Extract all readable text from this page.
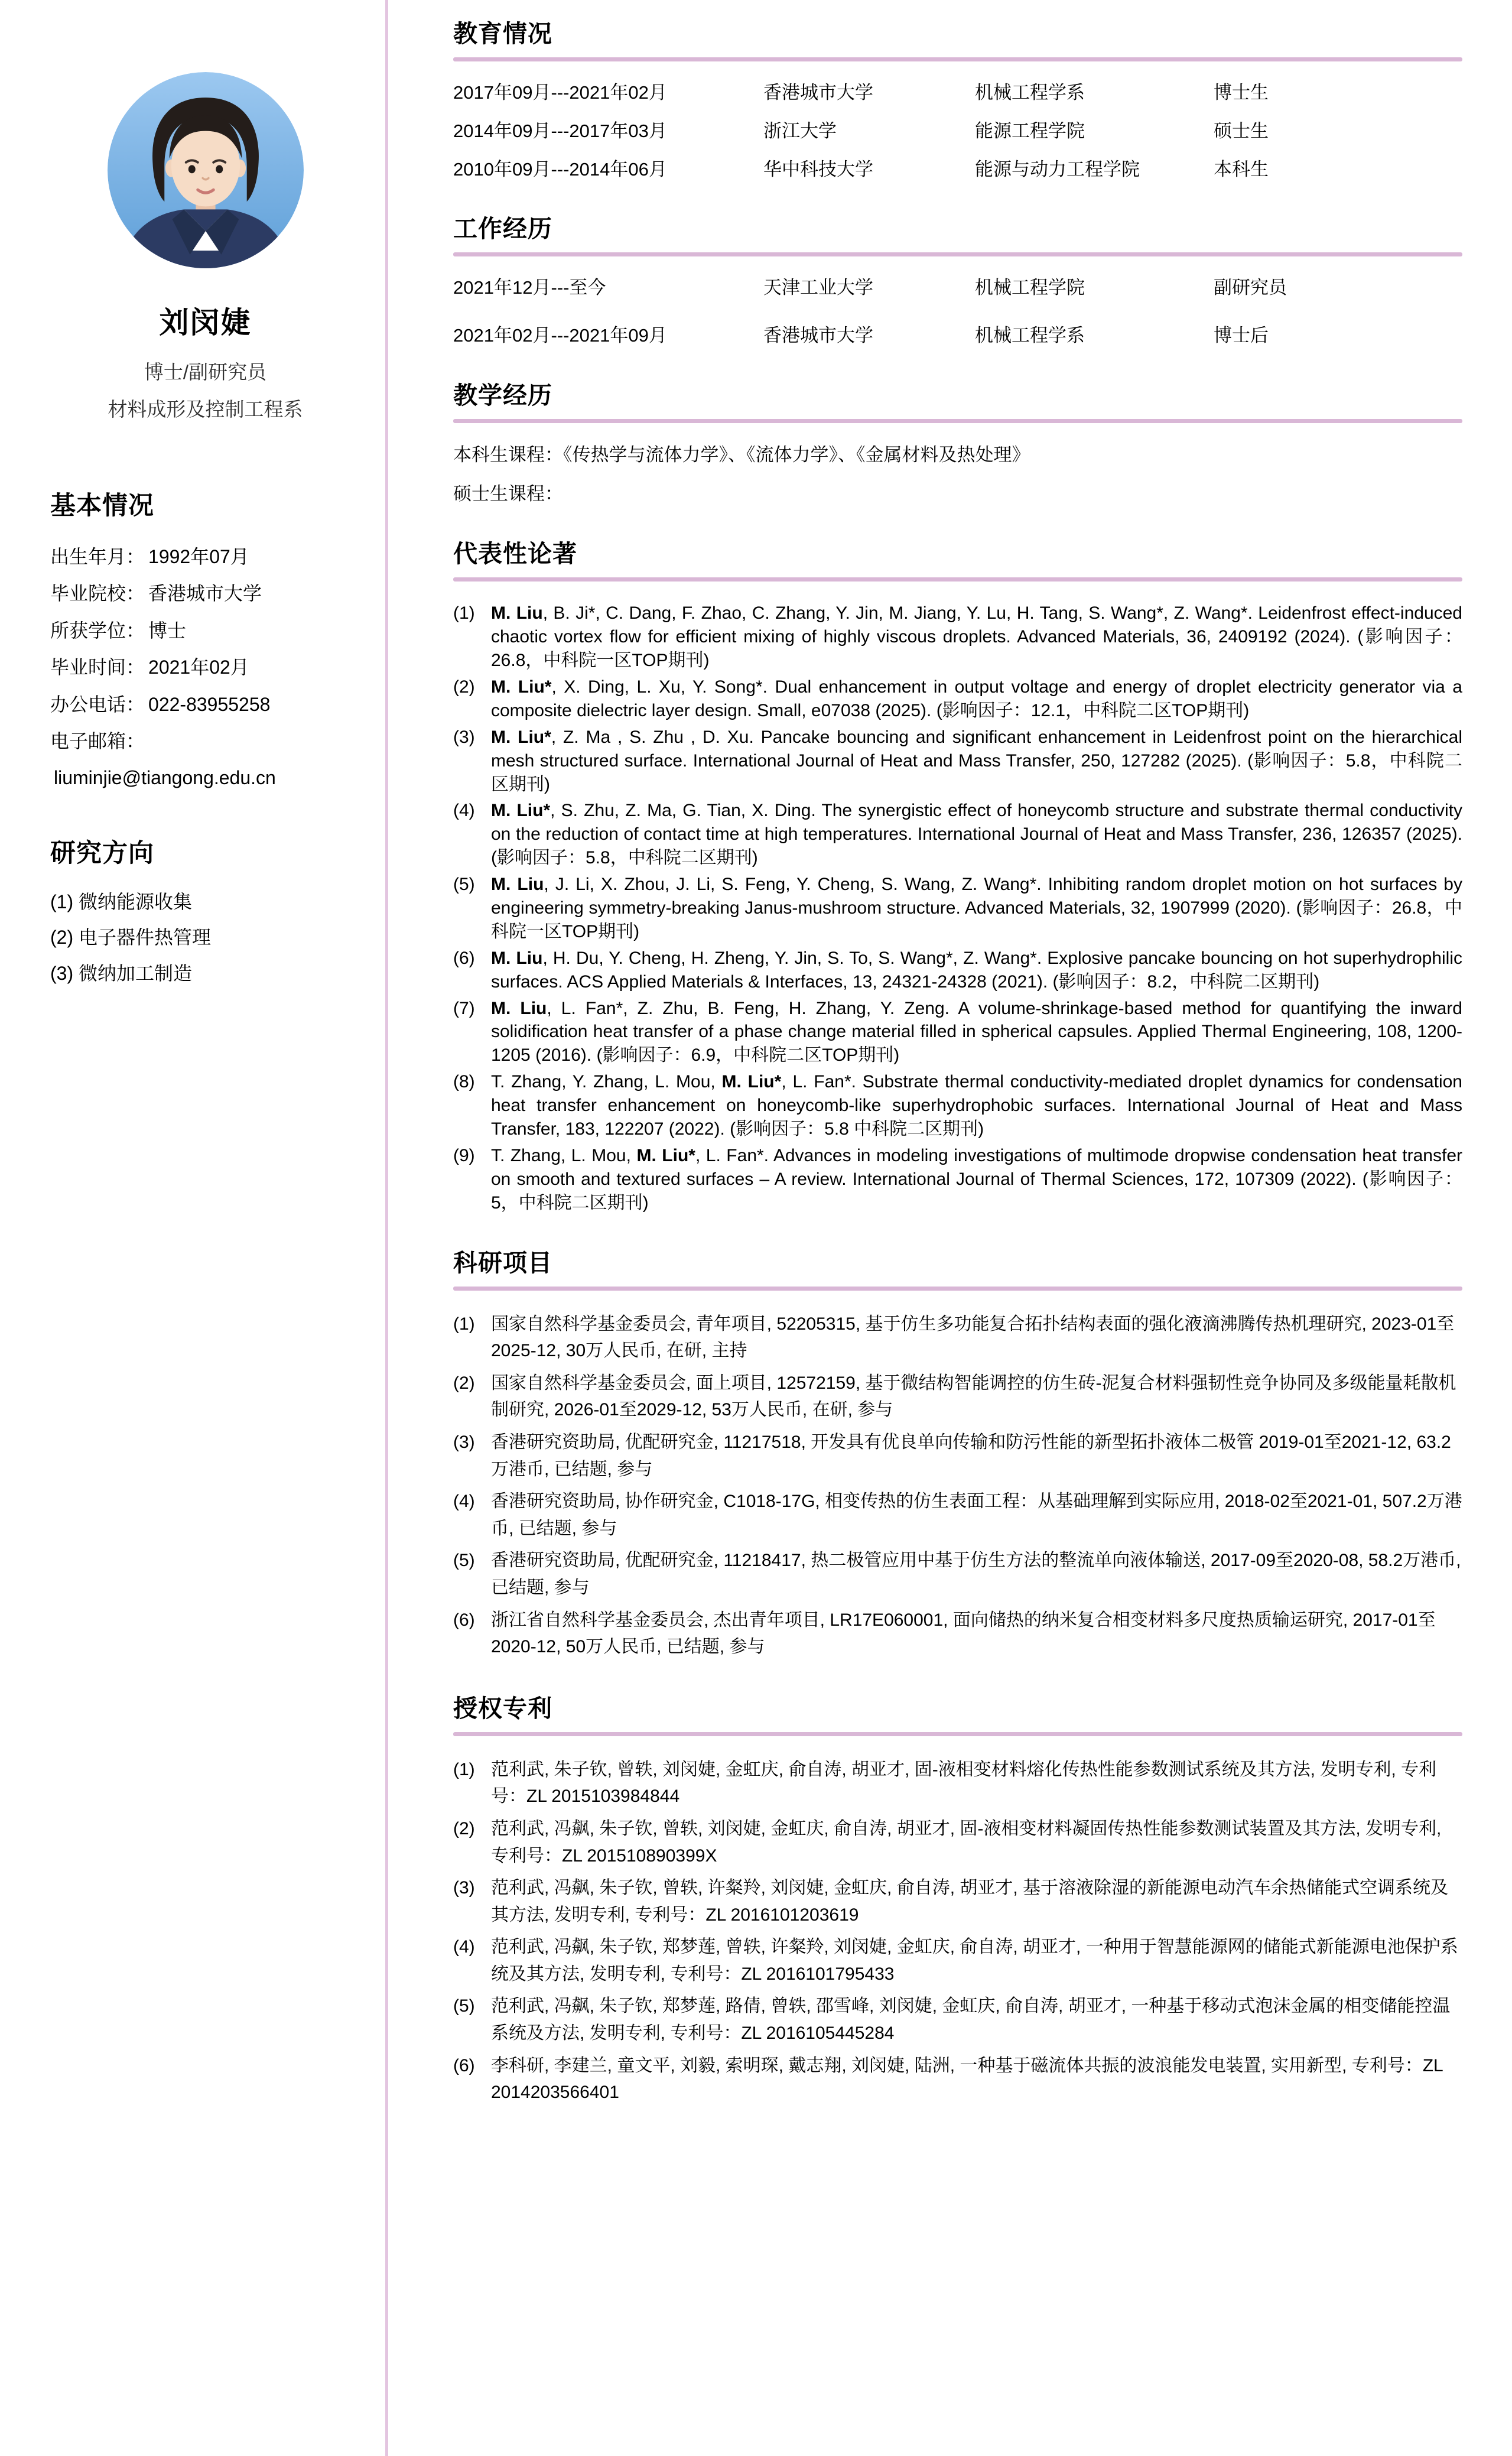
刘闵婕
博士/副研究员
材料成形及控制工程系
基本情况
出生年月： 1992年07月
毕业院校： 香港城市大学
所获学位： 博士
毕业时间： 2021年02月
办公电话： 022-83955258
电子邮箱：
liuminjie@tiangong.edu.cn
研究方向
(1) 微纳能源收集
(2) 电子器件热管理
(3) 微纳加工制造
教育情况
2017年09月---2021年02月	香港城市大学	机械工程学系	博士生
2014年09月---2017年03月	浙江大学	能源工程学院	硕士生
2010年09月---2014年06月	华中科技大学	能源与动力工程学院	本科生
工作经历
2021年12月---至今	天津工业大学	机械工程学院	副研究员
2021年02月---2021年09月	香港城市大学	机械工程学系	博士后
教学经历
本科生课程：《传热学与流体力学》、《流体力学》、《金属材料及热处理》
硕士生课程：
代表性论著
(1) M. Liu, B. Ji*, C. Dang, F. Zhao, C. Zhang, Y. Jin, M. Jiang, Y. Lu, H. Tang, S. Wang*, Z. Wang*. Leidenfrost effect-induced chaotic vortex flow for efficient mixing of highly viscous droplets. Advanced Materials, 36, 2409192 (2024). (影响因子：26.8，中科院一区TOP期刊)
(2) M. Liu*, X. Ding, L. Xu, Y. Song*. Dual enhancement in output voltage and energy of droplet electricity generator via a composite dielectric layer design. Small, e07038 (2025). (影响因子：12.1，中科院二区TOP期刊)
(3) M. Liu*, Z. Ma , S. Zhu , D. Xu. Pancake bouncing and significant enhancement in Leidenfrost point on the hierarchical mesh structured surface. International Journal of Heat and Mass Transfer, 250, 127282 (2025). (影响因子：5.8，中科院二区期刊)
(4) M. Liu*, S. Zhu, Z. Ma, G. Tian, X. Ding. The synergistic effect of honeycomb structure and substrate thermal conductivity on the reduction of contact time at high temperatures. International Journal of Heat and Mass Transfer, 236, 126357 (2025). (影响因子：5.8，中科院二区期刊)
(5) M. Liu, J. Li, X. Zhou, J. Li, S. Feng, Y. Cheng, S. Wang, Z. Wang*. Inhibiting random droplet motion on hot surfaces by engineering symmetry-breaking Janus-mushroom structure. Advanced Materials, 32, 1907999 (2020). (影响因子：26.8，中科院一区TOP期刊)
(6) M. Liu, H. Du, Y. Cheng, H. Zheng, Y. Jin, S. To, S. Wang*, Z. Wang*. Explosive pancake bouncing on hot superhydrophilic surfaces. ACS Applied Materials & Interfaces, 13, 24321-24328 (2021). (影响因子：8.2，中科院二区期刊)
(7) M. Liu, L. Fan*, Z. Zhu, B. Feng, H. Zhang, Y. Zeng. A volume-shrinkage-based method for quantifying the inward solidification heat transfer of a phase change material filled in spherical capsules. Applied Thermal Engineering, 108, 1200-1205 (2016). (影响因子：6.9，中科院二区TOP期刊)
(8) T. Zhang, Y. Zhang, L. Mou, M. Liu*, L. Fan*. Substrate thermal conductivity-mediated droplet dynamics for condensation heat transfer enhancement on honeycomb-like superhydrophobic surfaces. International Journal of Heat and Mass Transfer, 183, 122207 (2022). (影响因子：5.8 中科院二区期刊)
(9) T. Zhang, L. Mou, M. Liu*, L. Fan*. Advances in modeling investigations of multimode dropwise condensation heat transfer on smooth and textured surfaces – A review. International Journal of Thermal Sciences, 172, 107309 (2022). (影响因子：5，中科院二区期刊)
科研项目
(1) 国家自然科学基金委员会, 青年项目, 52205315, 基于仿生多功能复合拓扑结构表面的强化液滴沸腾传热机理研究, 2023-01至2025-12, 30万人民币, 在研, 主持
(2) 国家自然科学基金委员会, 面上项目, 12572159, 基于微结构智能调控的仿生砖-泥复合材料强韧性竞争协同及多级能量耗散机制研究, 2026-01至2029-12, 53万人民币, 在研, 参与
(3) 香港研究资助局, 优配研究金, 11217518, 开发具有优良单向传输和防污性能的新型拓扑液体二极管 2019-01至2021-12, 63.2万港币, 已结题, 参与
(4) 香港研究资助局, 协作研究金, C1018-17G, 相变传热的仿生表面工程：从基础理解到实际应用, 2018-02至2021-01, 507.2万港币, 已结题, 参与
(5) 香港研究资助局, 优配研究金, 11218417, 热二极管应用中基于仿生方法的整流单向液体输送, 2017-09至2020-08, 58.2万港币, 已结题, 参与
(6) 浙江省自然科学基金委员会, 杰出青年项目, LR17E060001, 面向储热的纳米复合相变材料多尺度热质输运研究, 2017-01至2020-12, 50万人民币, 已结题, 参与
授权专利
(1) 范利武, 朱子钦, 曾轶, 刘闵婕, 金虹庆, 俞自涛, 胡亚才, 固-液相变材料熔化传热性能参数测试系统及其方法, 发明专利, 专利号：ZL 2015103984844
(2) 范利武, 冯飙, 朱子钦, 曾轶, 刘闵婕, 金虹庆, 俞自涛, 胡亚才, 固-液相变材料凝固传热性能参数测试装置及其方法, 发明专利, 专利号：ZL 201510890399X
(3) 范利武, 冯飙, 朱子钦, 曾轶, 许粲羚, 刘闵婕, 金虹庆, 俞自涛, 胡亚才, 基于溶液除湿的新能源电动汽车余热储能式空调系统及其方法, 发明专利, 专利号：ZL 2016101203619
(4) 范利武, 冯飙, 朱子钦, 郑梦莲, 曾轶, 许粲羚, 刘闵婕, 金虹庆, 俞自涛, 胡亚才, 一种用于智慧能源网的储能式新能源电池保护系统及其方法, 发明专利, 专利号：ZL 2016101795433
(5) 范利武, 冯飙, 朱子钦, 郑梦莲, 路倩, 曾轶, 邵雪峰, 刘闵婕, 金虹庆, 俞自涛, 胡亚才, 一种基于移动式泡沫金属的相变储能控温系统及方法, 发明专利, 专利号：ZL 2016105445284
(6) 李科研, 李建兰, 童文平, 刘毅, 索明琛, 戴志翔, 刘闵婕, 陆洲, 一种基于磁流体共振的波浪能发电装置, 实用新型, 专利号：ZL 2014203566401
